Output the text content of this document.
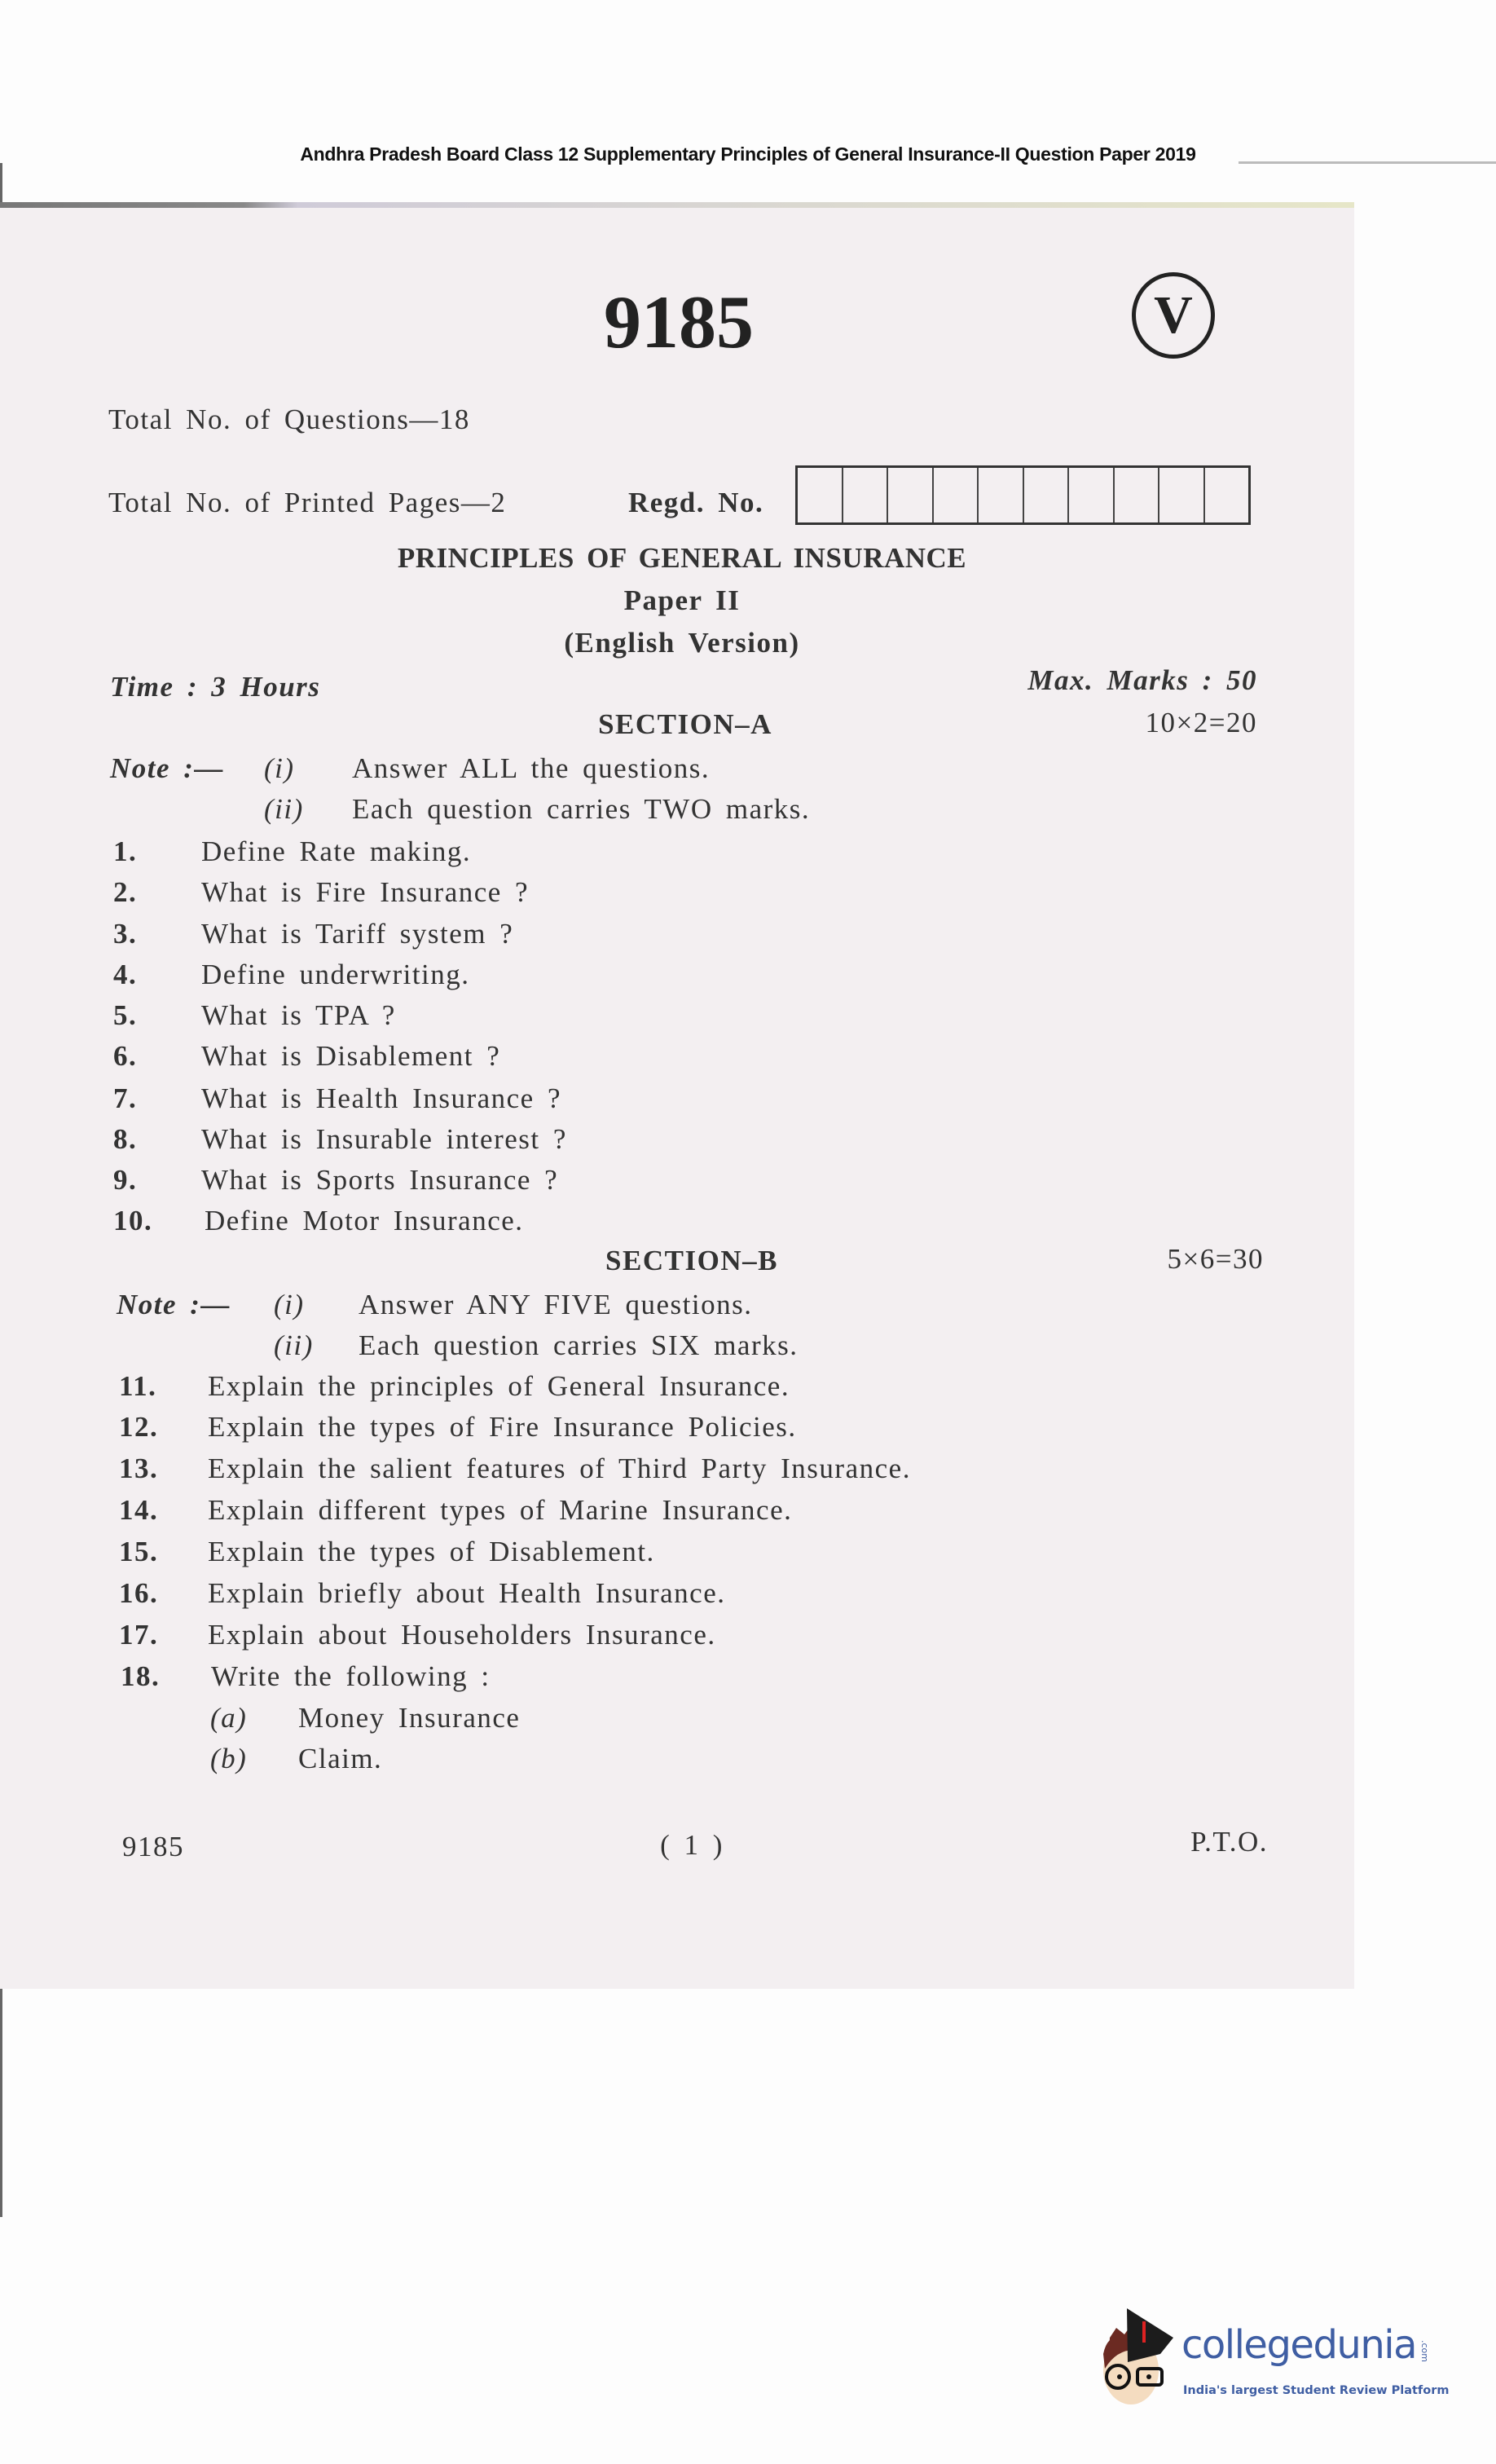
Andhra Pradesh Board Class 12 Supplementary Principles of General Insurance-II Question Paper 2019
9185	V
Total No. of Questions—18
Total No. of Printed Pages—2	Regd. No.
PRINCIPLES OF GENERAL INSURANCE
Paper II
(English Version)
Time : 3 Hours	Max. Marks : 50
SECTION–A	10×2=20
Note :— (i) Answer ALL the questions.
(ii) Each question carries TWO marks.
1. Define Rate making.
2. What is Fire Insurance ?
3. What is Tariff system ?
4. Define underwriting.
5. What is TPA ?
6. What is Disablement ?
7. What is Health Insurance ?
8. What is Insurable interest ?
9. What is Sports Insurance ?
10. Define Motor Insurance.
SECTION–B	5×6=30
Note :— (i) Answer ANY FIVE questions.
(ii) Each question carries SIX marks.
11. Explain the principles of General Insurance.
12. Explain the types of Fire Insurance Policies.
13. Explain the salient features of Third Party Insurance.
14. Explain different types of Marine Insurance.
15. Explain the types of Disablement.
16. Explain briefly about Health Insurance.
17. Explain about Householders Insurance.
18. Write the following :
(a) Money Insurance
(b) Claim.
9185	( 1 )	P.T.O.
collegedunia .com
India's largest Student Review Platform
